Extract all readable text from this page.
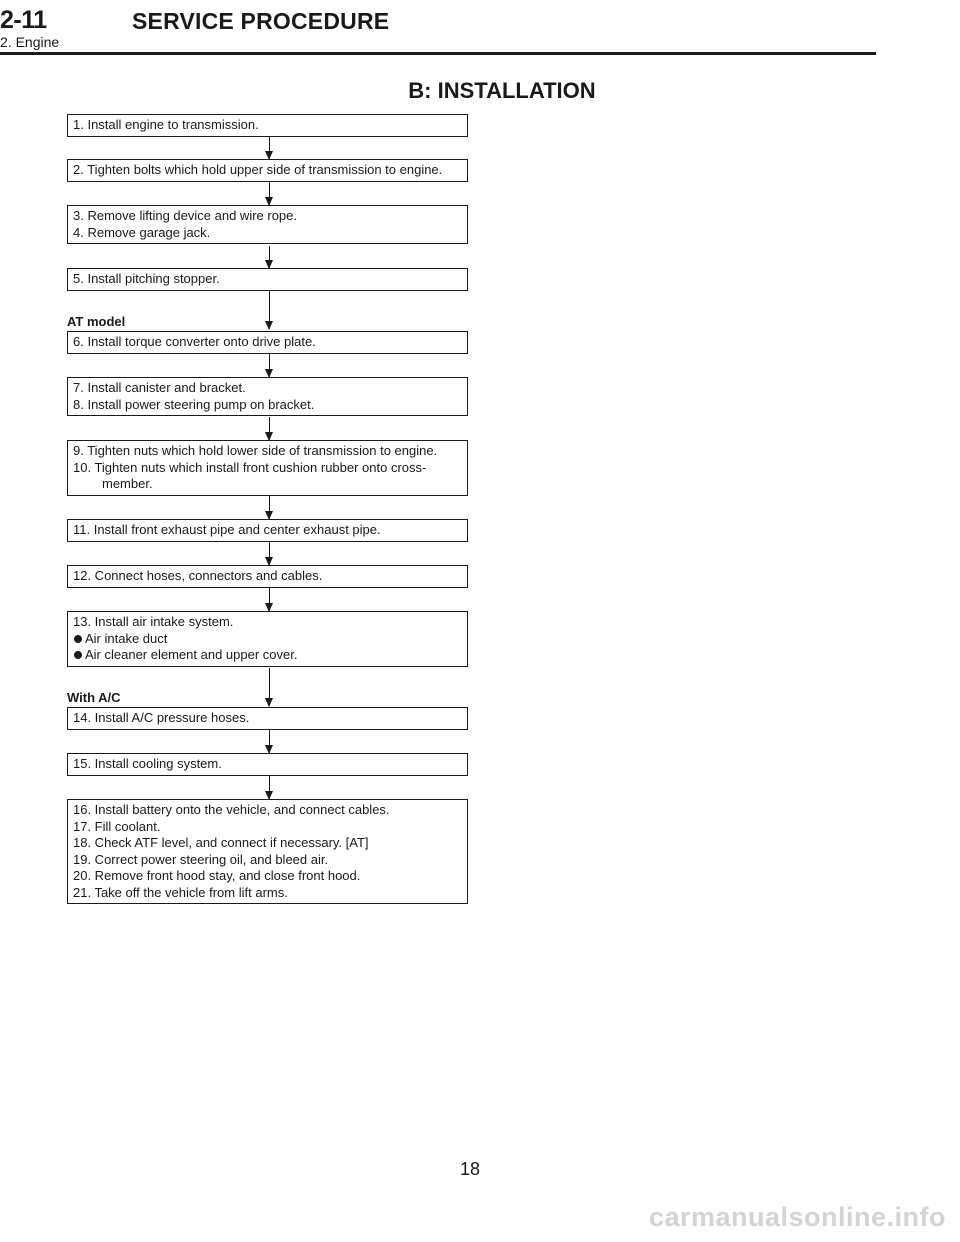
2-11	SERVICE PROCEDURE
2. Engine
B: INSTALLATION
1. Install engine to transmission.
2. Tighten bolts which hold upper side of transmission to engine.
3. Remove lifting device and wire rope.
4. Remove garage jack.
5. Install pitching stopper.
AT model
6. Install torque converter onto drive plate.
7. Install canister and bracket.
8. Install power steering pump on bracket.
9. Tighten nuts which hold lower side of transmission to engine.
10. Tighten nuts which install front cushion rubber onto cross-
member.
11. Install front exhaust pipe and center exhaust pipe.
12. Connect hoses, connectors and cables.
13. Install air intake system.
Air intake duct
Air cleaner element and upper cover.
With A/C
14. Install A/C pressure hoses.
15. Install cooling system.
16. Install battery onto the vehicle, and connect cables.
17. Fill coolant.
18. Check ATF level, and connect if necessary. [AT]
19. Correct power steering oil, and bleed air.
20. Remove front hood stay, and close front hood.
21. Take off the vehicle from lift arms.
18
carmanualsonline.info
